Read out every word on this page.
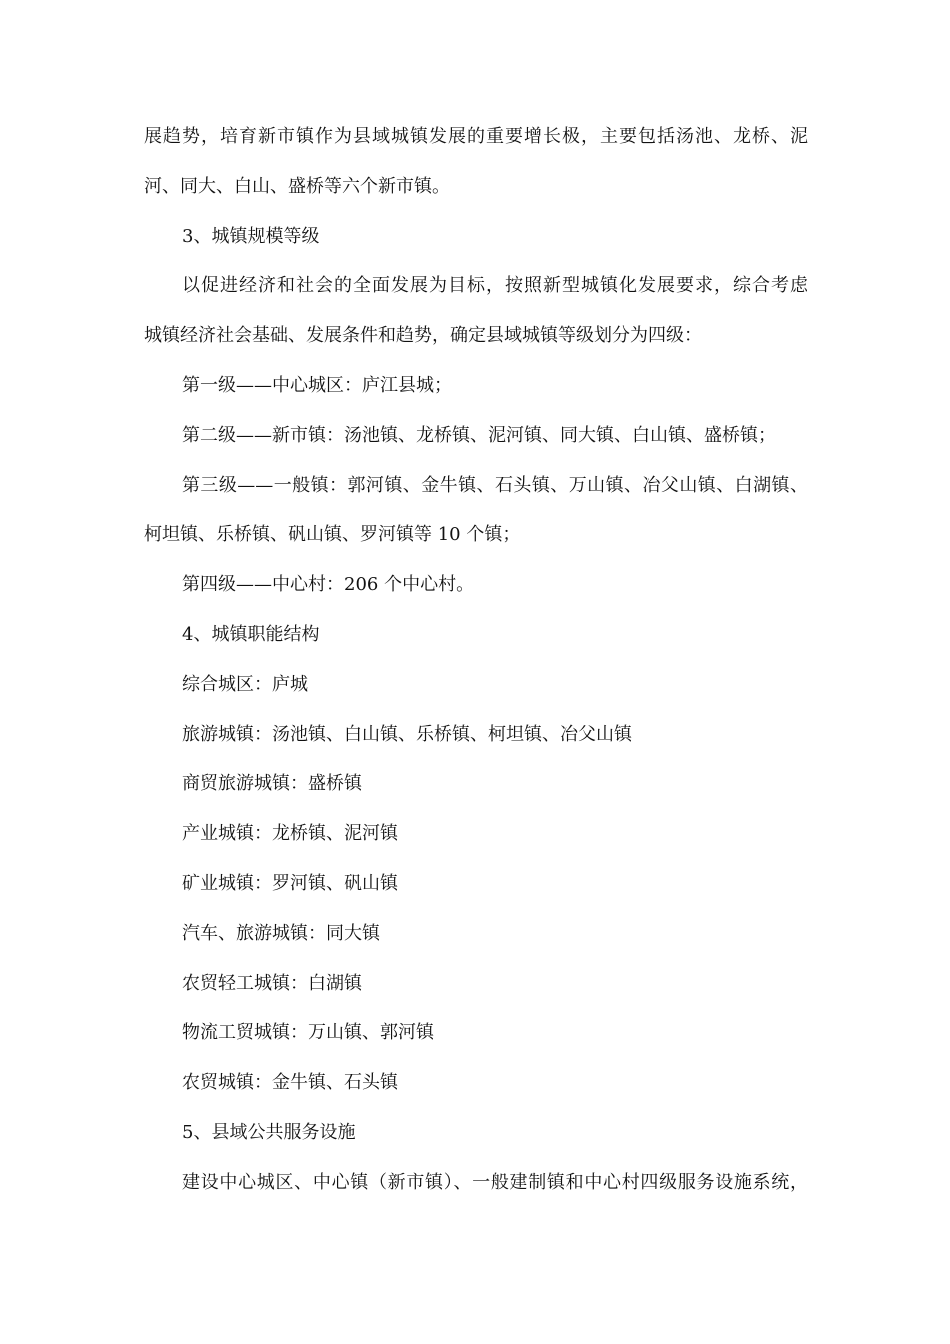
展趋势，培育新市镇作为县域城镇发展的重要增长极，主要包括汤池、龙桥、泥
河、同大、白山、盛桥等六个新市镇。
3、城镇规模等级
以促进经济和社会的全面发展为目标，按照新型城镇化发展要求，综合考虑
城镇经济社会基础、发展条件和趋势，确定县域城镇等级划分为四级：
第一级——中心城区：庐江县城；
第二级——新市镇：汤池镇、龙桥镇、泥河镇、同大镇、白山镇、盛桥镇；
第三级——一般镇：郭河镇、金牛镇、石头镇、万山镇、冶父山镇、白湖镇、
柯坦镇、乐桥镇、矾山镇、罗河镇等 10 个镇；
第四级——中心村：206 个中心村。
4、城镇职能结构
综合城区：庐城
旅游城镇：汤池镇、白山镇、乐桥镇、柯坦镇、冶父山镇
商贸旅游城镇：盛桥镇
产业城镇：龙桥镇、泥河镇
矿业城镇：罗河镇、矾山镇
汽车、旅游城镇：同大镇
农贸轻工城镇：白湖镇
物流工贸城镇：万山镇、郭河镇
农贸城镇：金牛镇、石头镇
5、县域公共服务设施
建设中心城区、中心镇（新市镇）、一般建制镇和中心村四级服务设施系统，
